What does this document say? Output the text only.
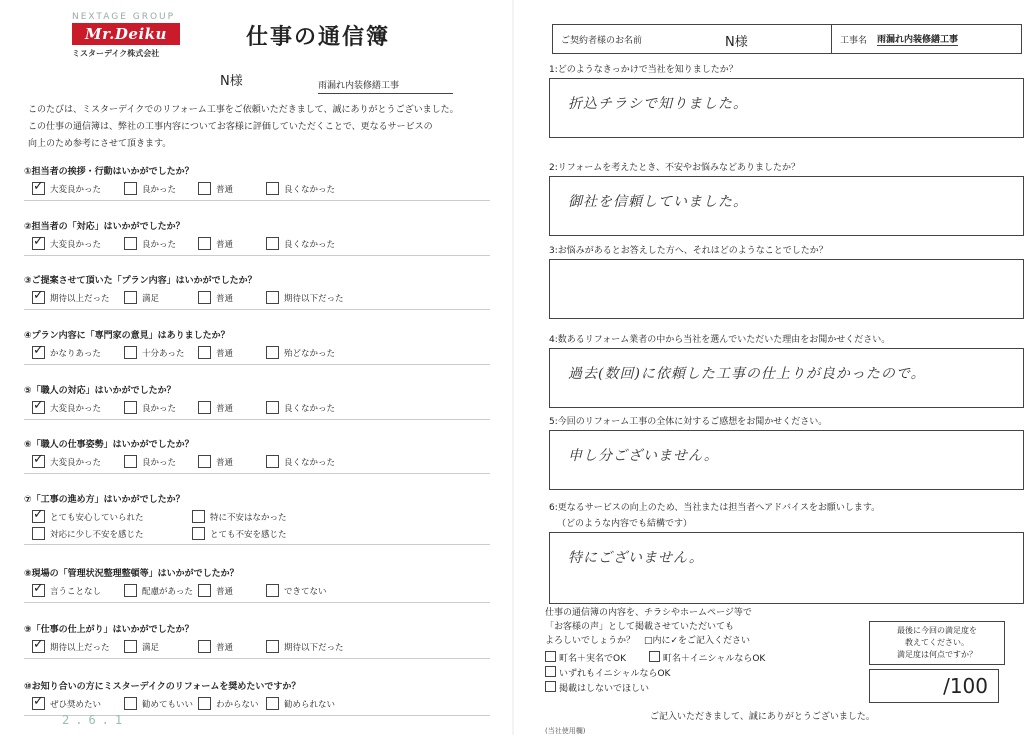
NEXTAGE GROUP
Mr.Deiku
ミスターデイク株式会社
仕事の通信簿
N様	雨漏れ内装修繕工事
このたびは、ミスターデイクでのリフォーム工事をご依頼いただきまして、誠にありがとうございました。
この仕事の通信簿は、弊社の工事内容についてお客様に評価していただくことで、更なるサービスの
向上のため参考にさせて頂きます。
①担当者の挨拶・行動はいかがでしたか？
✓
大変良かった	良かった	普通	良くなかった
②担当者の「対応」はいかがでしたか？
✓
大変良かった	良かった	普通	良くなかった
③ご提案させて頂いた「プラン内容」はいかがでしたか？
✓
期待以上だった	満足	普通	期待以下だった
④プラン内容に「専門家の意見」はありましたか？
✓
かなりあった	十分あった	普通	殆どなかった
⑤「職人の対応」はいかがでしたか？
✓
大変良かった	良かった	普通	良くなかった
⑥「職人の仕事姿勢」はいかがでしたか？
✓
大変良かった	良かった	普通	良くなかった
⑦「工事の進め方」はいかがでしたか？
✓
とても安心していられた	特に不安はなかった
対応に少し不安を感じた	とても不安を感じた
⑧現場の「管理状況整理整頓等」はいかがでしたか？
✓
言うことなし	配慮があった	普通	できてない
⑨「仕事の仕上がり」はいかがでしたか？
✓
期待以上だった	満足	普通	期待以下だった
⑩お知り合いの方にミスターデイクのリフォームを奨めたいですか？
✓
ぜひ奨めたい	勧めてもいい	わからない	勧められない
2.6.1
ご契約者様のお名前	N様	工事名 雨漏れ内装修繕工事
1:どのようなきっかけで当社を知りましたか？
折込チラシで知りました。
2:リフォームを考えたとき、不安やお悩みなどありましたか？
御社を信頼していました。
3:お悩みがあるとお答えした方へ、それはどのようなことでしたか？
4:数あるリフォーム業者の中から当社を選んでいただいた理由をお聞かせください。
過去(数回)に依頼した工事の仕上りが良かったので。
5:今回のリフォーム工事の全体に対するご感想をお聞かせください。
申し分ございません。
6:更なるサービスの向上のため、当社または担当者へアドバイスをお願いします。
（どのような内容でも結構です）
特にございません。
仕事の通信簿の内容を、チラシやホームページ等で
「お客様の声」として掲載させていただいても
よろしいでしょうか？　□内に✓をご記入ください
町名＋実名でOK	町名＋イニシャルならOK
いずれもイニシャルならOK
掲載はしないでほしい
最後に今回の満足度を
教えてください。
満足度は何点ですか？
/100
ご記入いただきまして、誠にありがとうございました。
(当社使用欄)
